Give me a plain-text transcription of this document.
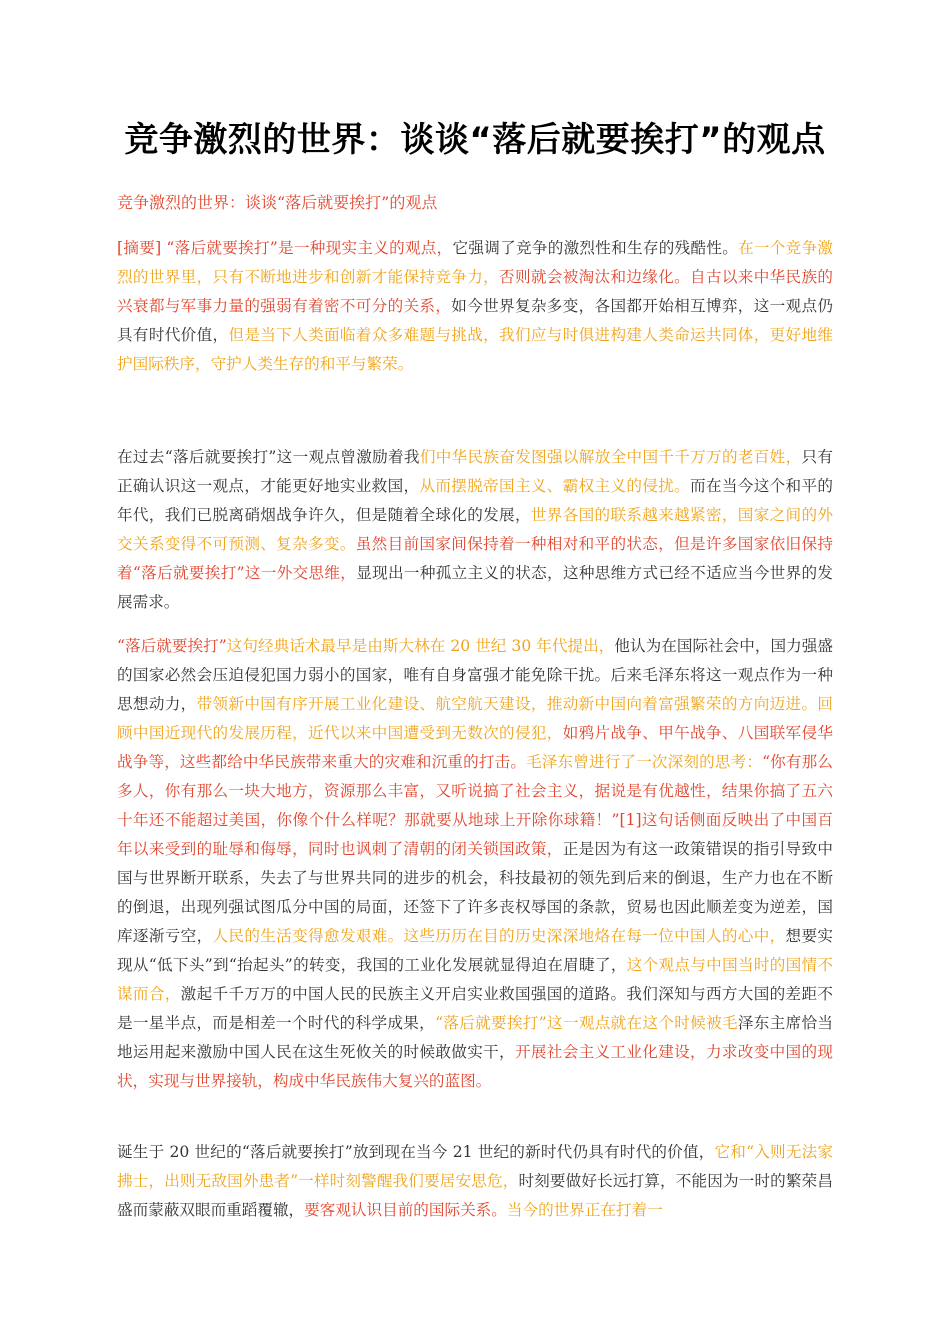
竞争激烈的世界：谈谈“落后就要挨打”的观点

竞争激烈的世界：谈谈“落后就要挨打”的观点

[摘要] “落后就要挨打”是一种现实主义的观点，它强调了竞争的激烈性和生存的残酷性。在一个竞争激烈的世界里，只有不断地进步和创新才能保持竞争力，否则就会被淘汰和边缘化。自古以来中华民族的兴衰都与军事力量的强弱有着密不可分的关系，如今世界复杂多变，各国都开始相互博弈，这一观点仍具有时代价值，但是当下人类面临着众多难题与挑战，我们应与时俱进构建人类命运共同体，更好地维护国际秩序，守护人类生存的和平与繁荣。

在过去“落后就要挨打”这一观点曾激励着我们中华民族奋发图强以解放全中国千千万万的老百姓，只有正确认识这一观点，才能更好地实业救国，从而摆脱帝国主义、霸权主义的侵扰。而在当今这个和平的年代，我们已脱离硝烟战争许久，但是随着全球化的发展，世界各国的联系越来越紧密，国家之间的外交关系变得不可预测、复杂多变。虽然目前国家间保持着一种相对和平的状态，但是许多国家依旧保持着“落后就要挨打”这一外交思维，显现出一种孤立主义的状态，这种思维方式已经不适应当今世界的发展需求。

“落后就要挨打”这句经典话术最早是由斯大林在 20 世纪 30 年代提出，他认为在国际社会中，国力强盛的国家必然会压迫侵犯国力弱小的国家，唯有自身富强才能免除干扰。后来毛泽东将这一观点作为一种思想动力，带领新中国有序开展工业化建设、航空航天建设，推动新中国向着富强繁荣的方向迈进。回顾中国近现代的发展历程，近代以来中国遭受到无数次的侵犯，如鸦片战争、甲午战争、八国联军侵华战争等，这些都给中华民族带来重大的灾难和沉重的打击。毛泽东曾进行了一次深刻的思考：“你有那么多人，你有那么一块大地方，资源那么丰富，又听说搞了社会主义，据说是有优越性，结果你搞了五六十年还不能超过美国，你像个什么样呢？那就要从地球上开除你球籍！”[1]这句话侧面反映出了中国百年以来受到的耻辱和侮辱，同时也讽刺了清朝的闭关锁国政策，正是因为有这一政策错误的指引导致中国与世界断开联系，失去了与世界共同的进步的机会，科技最初的领先到后来的倒退，生产力也在不断的倒退，出现列强试图瓜分中国的局面，还签下了许多丧权辱国的条款，贸易也因此顺差变为逆差，国库逐渐亏空，人民的生活变得愈发艰难。这些历历在目的历史深深地烙在每一位中国人的心中，想要实现从“低下头”到“抬起头”的转变，我国的工业化发展就显得迫在眉睫了，这个观点与中国当时的国情不谋而合，激起千千万万的中国人民的民族主义开启实业救国强国的道路。我们深知与西方大国的差距不是一星半点，而是相差一个时代的科学成果，“落后就要挨打”这一观点就在这个时候被毛泽东主席恰当地运用起来激励中国人民在这生死攸关的时候敢做实干，开展社会主义工业化建设，力求改变中国的现状，实现与世界接轨，构成中华民族伟大复兴的蓝图。

诞生于 20 世纪的“落后就要挨打”放到现在当今 21 世纪的新时代仍具有时代的价值，它和“入则无法家拂士，出则无敌国外患者”一样时刻警醒我们要居安思危，时刻要做好长远打算，不能因为一时的繁荣昌盛而蒙蔽双眼而重蹈覆辙，要客观认识目前的国际关系。当今的世界正在打着一
